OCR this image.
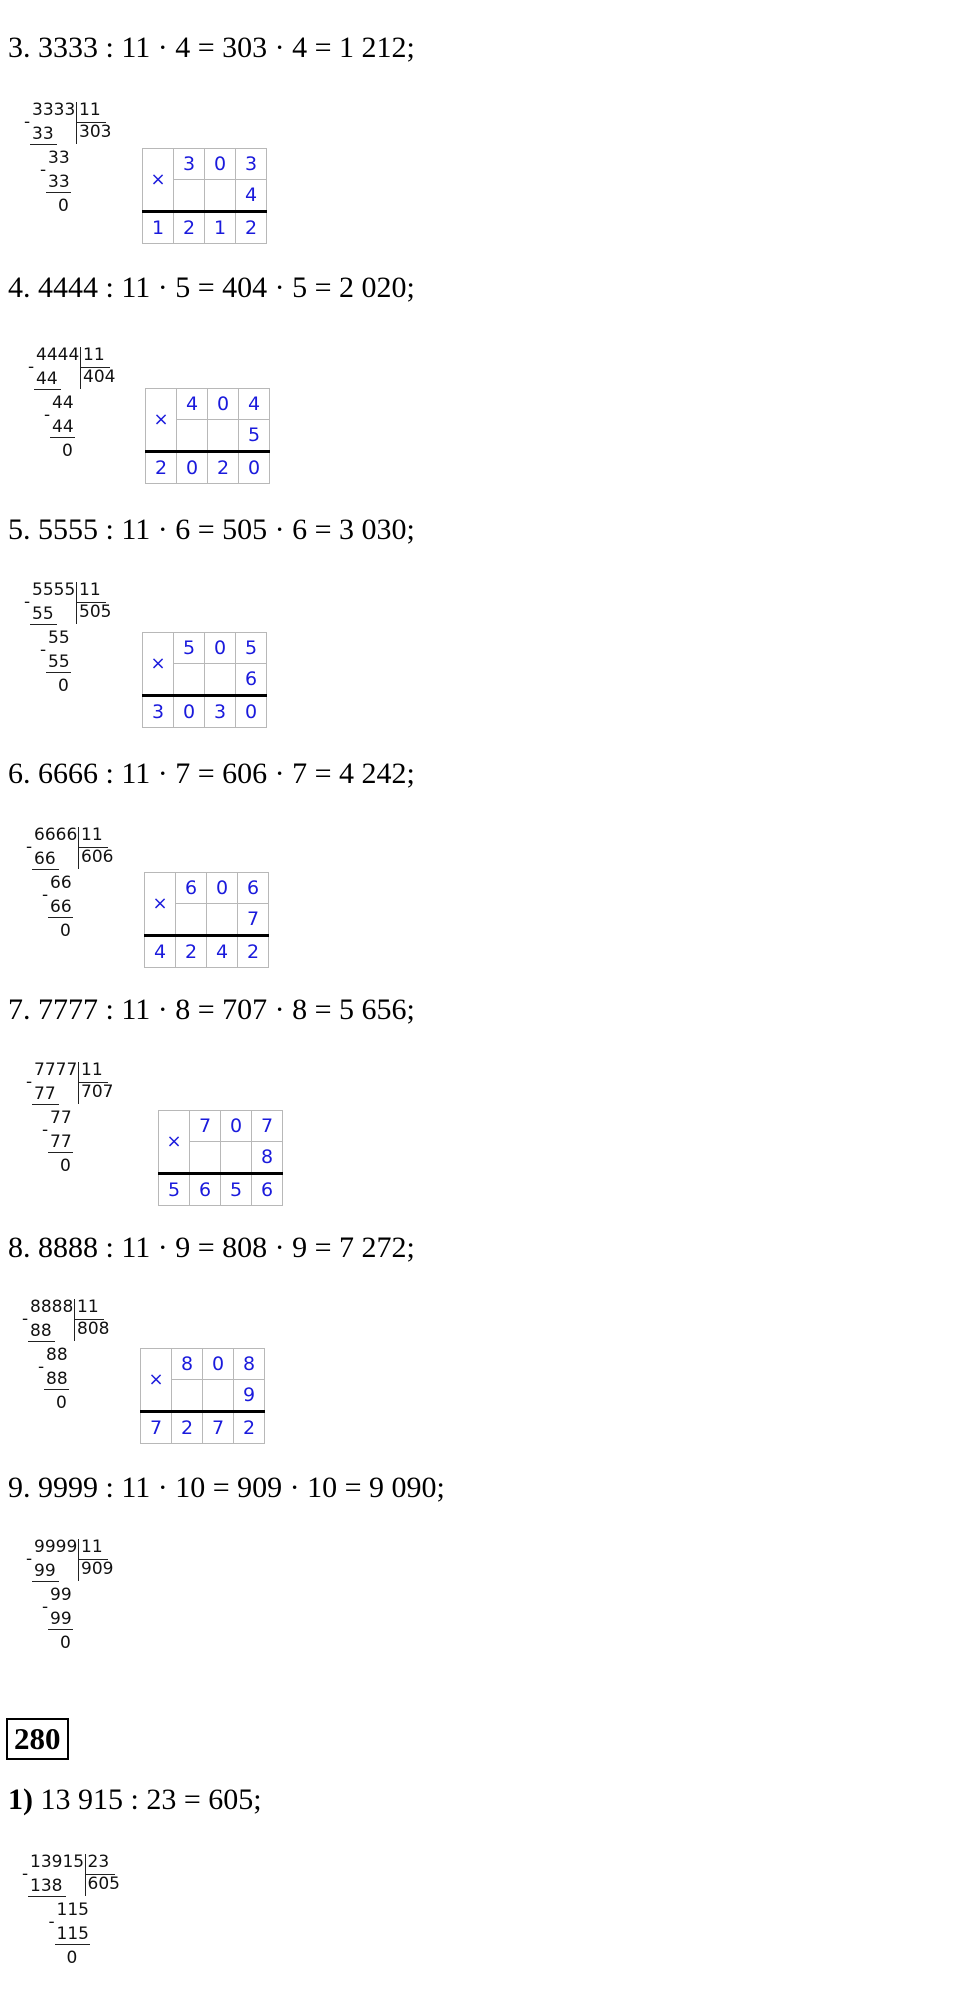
3. 3333 : 11 · 4 = 303 · 4 = 1 212;
4. 4444 : 11 · 5 = 404 · 5 = 2 020;
5. 5555 : 11 · 6 = 505 · 6 = 3 030;
6. 6666 : 11 · 7 = 606 · 7 = 4 242;
7. 7777 : 11 · 8 = 707 · 8 = 5 656;
8. 8888 : 11 · 9 = 808 · 9 = 7 272;
9. 9999 : 11 · 10 = 909 · 10 = 9 090;
3333 11
303
-
33
33
-
33
0
4444 11
404
-
44
44
-
44
0
5555 11
505
-
55
55
-
55
0
6666 11
606
-
66
66
-
66
0
7777 11
707
-
77
77
-
77
0
8888 11
808
-
88
88
-
88
0
9999 11
909
-
99
99
-
99
0
×	3	0	3
			4
1	2	1	2
×	4	0	4
			5
2	0	2	0
×	5	0	5
			6
3	0	3	0
×	6	0	6
			7
4	2	4	2
×	7	0	7
			8
5	6	5	6
×	8	0	8
			9
7	2	7	2
280
1) 13 915 : 23 = 605;
13915 23
605
-
138
115
-
115
0
